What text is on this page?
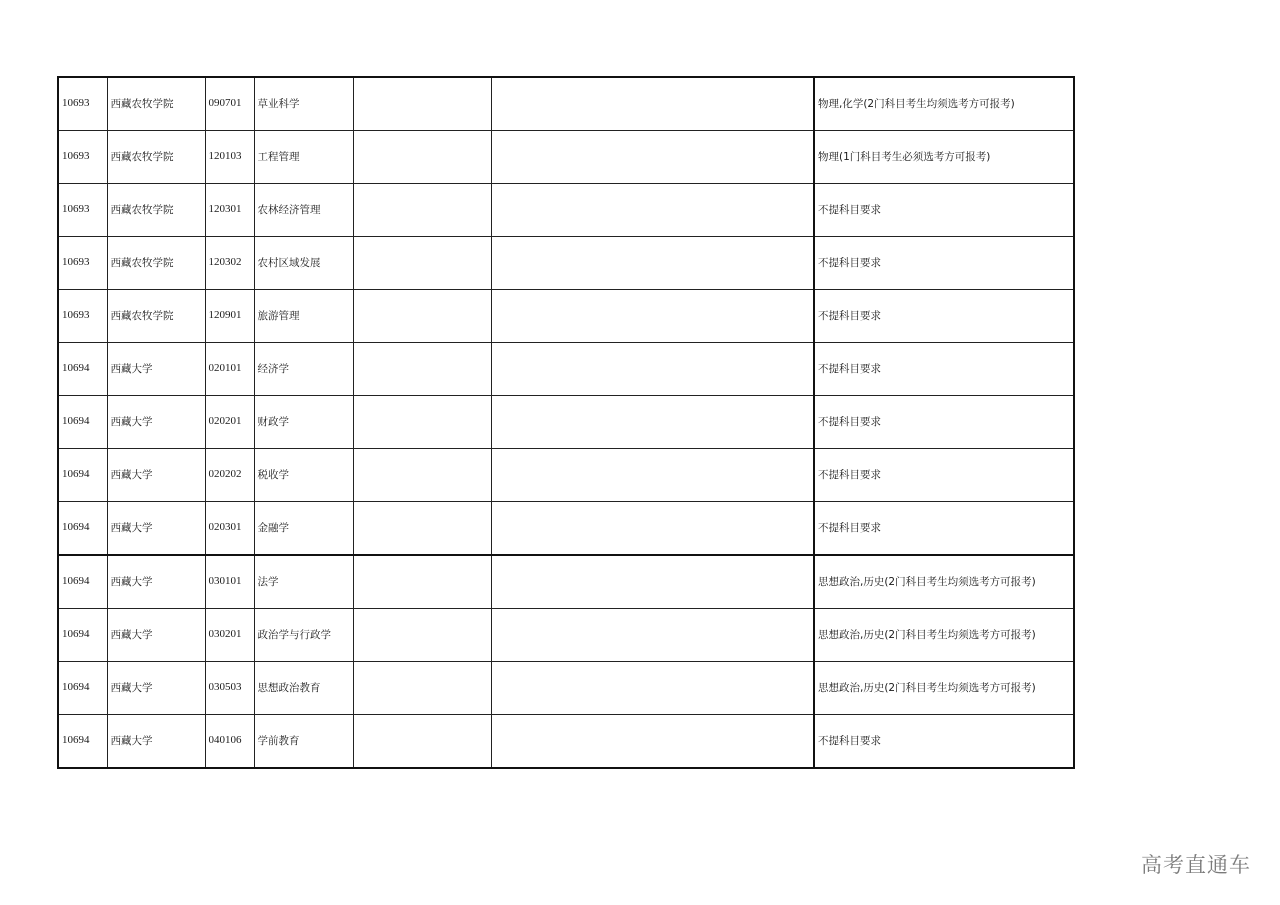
10693	西藏农牧学院	090701	草业科学			物理,化学(2门科目考生均须选考方可报考)
10693	西藏农牧学院	120103	工程管理			物理(1门科目考生必须选考方可报考)
10693	西藏农牧学院	120301	农林经济管理			不提科目要求
10693	西藏农牧学院	120302	农村区域发展			不提科目要求
10693	西藏农牧学院	120901	旅游管理			不提科目要求
10694	西藏大学	020101	经济学			不提科目要求
10694	西藏大学	020201	财政学			不提科目要求
10694	西藏大学	020202	税收学			不提科目要求
10694	西藏大学	020301	金融学			不提科目要求
10694	西藏大学	030101	法学			思想政治,历史(2门科目考生均须选考方可报考)
10694	西藏大学	030201	政治学与行政学			思想政治,历史(2门科目考生均须选考方可报考)
10694	西藏大学	030503	思想政治教育			思想政治,历史(2门科目考生均须选考方可报考)
10694	西藏大学	040106	学前教育			不提科目要求
高考直通车
